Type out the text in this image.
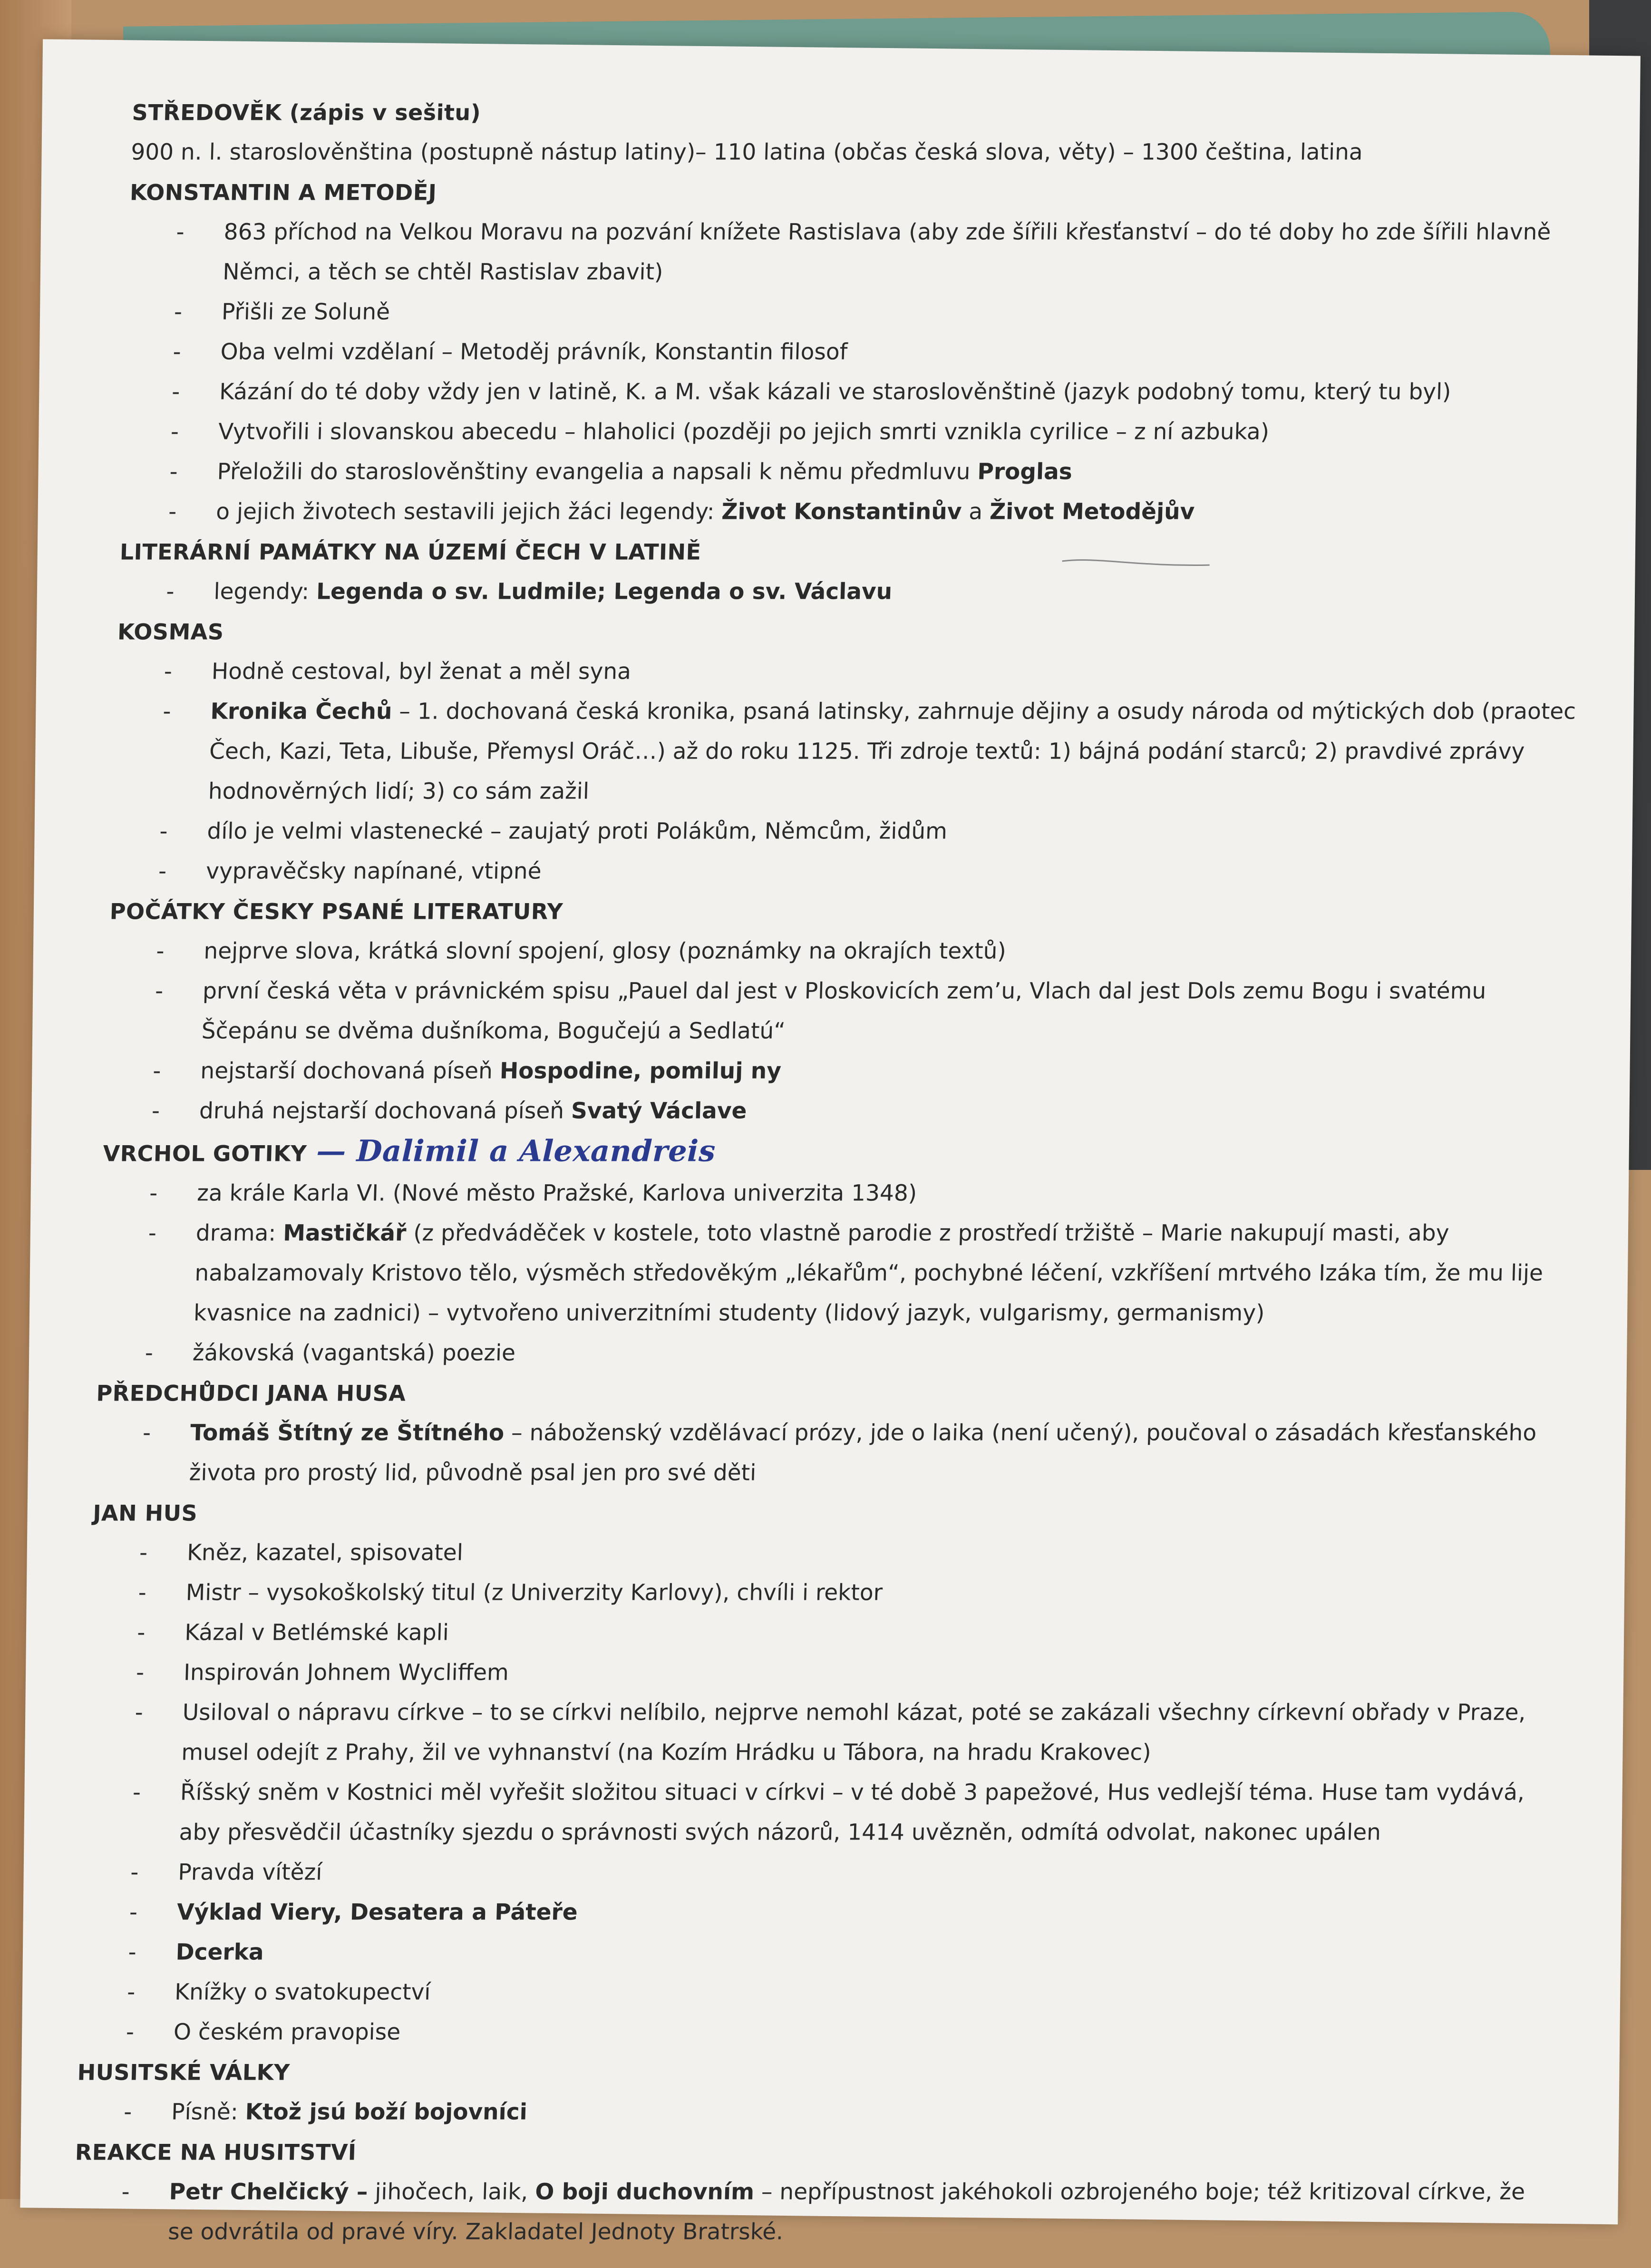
STŘEDOVĚK (zápis v sešitu)

900 n. l. staroslověnština (postupně nástup latiny)– 110 latina (občas česká slova, věty) – 1300 čeština, latina

KONSTANTIN A METODĚJ

- 863 příchod na Velkou Moravu na pozvání knížete Rastislava (aby zde šířili křesťanství – do té doby ho zde šířili hlavně Němci, a těch se chtěl Rastislav zbavit)
- Přišli ze Soluně
- Oba velmi vzdělaní – Metoděj právník, Konstantin filosof
- Kázání do té doby vždy jen v latině, K. a M. však kázali ve staroslověnštině (jazyk podobný tomu, který tu byl)
- Vytvořili i slovanskou abecedu – hlaholici (později po jejich smrti vznikla cyrilice – z ní azbuka)
- Přeložili do staroslověnštiny evangelia a napsali k němu předmluvu Proglas
- o jejich životech sestavili jejich žáci legendy: Život Konstantinův a Život Metodějův

LITERÁRNÍ PAMÁTKY NA ÚZEMÍ ČECH V LATINĚ

- legendy: Legenda o sv. Ludmile; Legenda o sv. Václavu

KOSMAS

- Hodně cestoval, byl ženat a měl syna
- Kronika Čechů – 1. dochovaná česká kronika, psaná latinsky, zahrnuje dějiny a osudy národa od mýtických dob (praotec Čech, Kazi, Teta, Libuše, Přemysl Oráč…) až do roku 1125. Tři zdroje textů: 1) bájná podání starců; 2) pravdivé zprávy hodnověrných lidí; 3) co sám zažil
- dílo je velmi vlastenecké – zaujatý proti Polákům, Němcům, židům
- vypravěčsky napínané, vtipné

POČÁTKY ČESKY PSANÉ LITERATURY

- nejprve slova, krátká slovní spojení, glosy (poznámky na okrajích textů)
- první česká věta v právnickém spisu „Pauel dal jest v Ploskovicích zem’u, Vlach dal jest Dols zemu Bogu i svatému Ščepánu se dvěma dušníkoma, Bogučejú a Sedlatú“
- nejstarší dochovaná píseň Hospodine, pomiluj ny
- druhá nejstarší dochovaná píseň Svatý Václave

VRCHOL GOTIKY — Dalimil a Alexandreis

- za krále Karla VI. (Nové město Pražské, Karlova univerzita 1348)
- drama: Mastičkář (z předváděček v kostele, toto vlastně parodie z prostředí tržiště – Marie nakupují masti, aby nabalzamovaly Kristovo tělo, výsměch středověkým „lékařům“, pochybné léčení, vzkříšení mrtvého Izáka tím, že mu lije kvasnice na zadnici) – vytvořeno univerzitními studenty (lidový jazyk, vulgarismy, germanismy)
- žákovská (vagantská) poezie

PŘEDCHŮDCI JANA HUSA

- Tomáš Štítný ze Štítného – náboženský vzdělávací prózy, jde o laika (není učený), poučoval o zásadách křesťanského života pro prostý lid, původně psal jen pro své děti

JAN HUS

- Kněz, kazatel, spisovatel
- Mistr – vysokoškolský titul (z Univerzity Karlovy), chvíli i rektor
- Kázal v Betlémské kapli
- Inspirován Johnem Wycliffem
- Usiloval o nápravu církve – to se církvi nelíbilo, nejprve nemohl kázat, poté se zakázali všechny církevní obřady v Praze, musel odejít z Prahy, žil ve vyhnanství (na Kozím Hrádku u Tábora, na hradu Krakovec)
- Říšský sněm v Kostnici měl vyřešit složitou situaci v církvi – v té době 3 papežové, Hus vedlejší téma. Huse tam vydává, aby přesvědčil účastníky sjezdu o správnosti svých názorů, 1414 uvězněn, odmítá odvolat, nakonec upálen
- Pravda vítězí
- Výklad Viery, Desatera a Páteře
- Dcerka
- Knížky o svatokupectví
- O českém pravopise

HUSITSKÉ VÁLKY

- Písně: Ktož jsú boží bojovníci

REAKCE NA HUSITSTVÍ

- Petr Chelčický – jihočech, laik, O boji duchovním – nepřípustnost jakéhokoli ozbrojeného boje; též kritizoval církve, že se odvrátila od pravé víry. Zakladatel Jednoty Bratrské.
